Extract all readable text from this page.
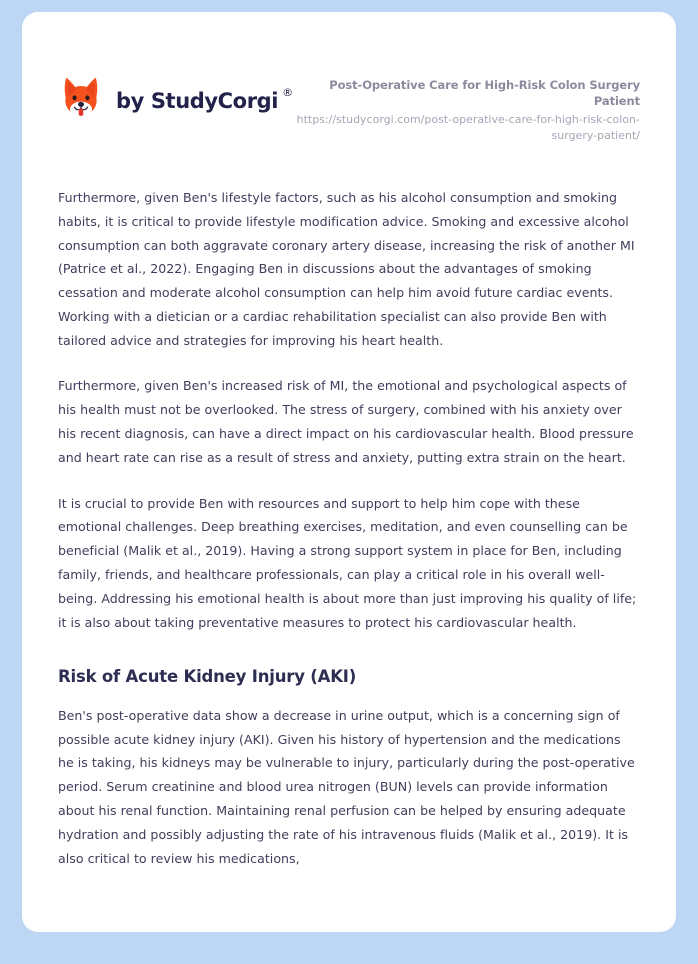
by StudyCorgi ®
Post-Operative Care for High-Risk Colon Surgery Patient
https://studycorgi.com/post-operative-care-for-high-risk-colon-surgery-patient/

Furthermore, given Ben's lifestyle factors, such as his alcohol consumption and smoking habits, it is critical to provide lifestyle modification advice. Smoking and excessive alcohol consumption can both aggravate coronary artery disease, increasing the risk of another MI (Patrice et al., 2022). Engaging Ben in discussions about the advantages of smoking cessation and moderate alcohol consumption can help him avoid future cardiac events. Working with a dietician or a cardiac rehabilitation specialist can also provide Ben with tailored advice and strategies for improving his heart health.

Furthermore, given Ben's increased risk of MI, the emotional and psychological aspects of his health must not be overlooked. The stress of surgery, combined with his anxiety over his recent diagnosis, can have a direct impact on his cardiovascular health. Blood pressure and heart rate can rise as a result of stress and anxiety, putting extra strain on the heart.

It is crucial to provide Ben with resources and support to help him cope with these emotional challenges. Deep breathing exercises, meditation, and even counselling can be beneficial (Malik et al., 2019). Having a strong support system in place for Ben, including family, friends, and healthcare professionals, can play a critical role in his overall well-being. Addressing his emotional health is about more than just improving his quality of life; it is also about taking preventative measures to protect his cardiovascular health.

Risk of Acute Kidney Injury (AKI)

Ben's post-operative data show a decrease in urine output, which is a concerning sign of possible acute kidney injury (AKI). Given his history of hypertension and the medications he is taking, his kidneys may be vulnerable to injury, particularly during the post-operative period. Serum creatinine and blood urea nitrogen (BUN) levels can provide information about his renal function. Maintaining renal perfusion can be helped by ensuring adequate hydration and possibly adjusting the rate of his intravenous fluids (Malik et al., 2019). It is also critical to review his medications,
